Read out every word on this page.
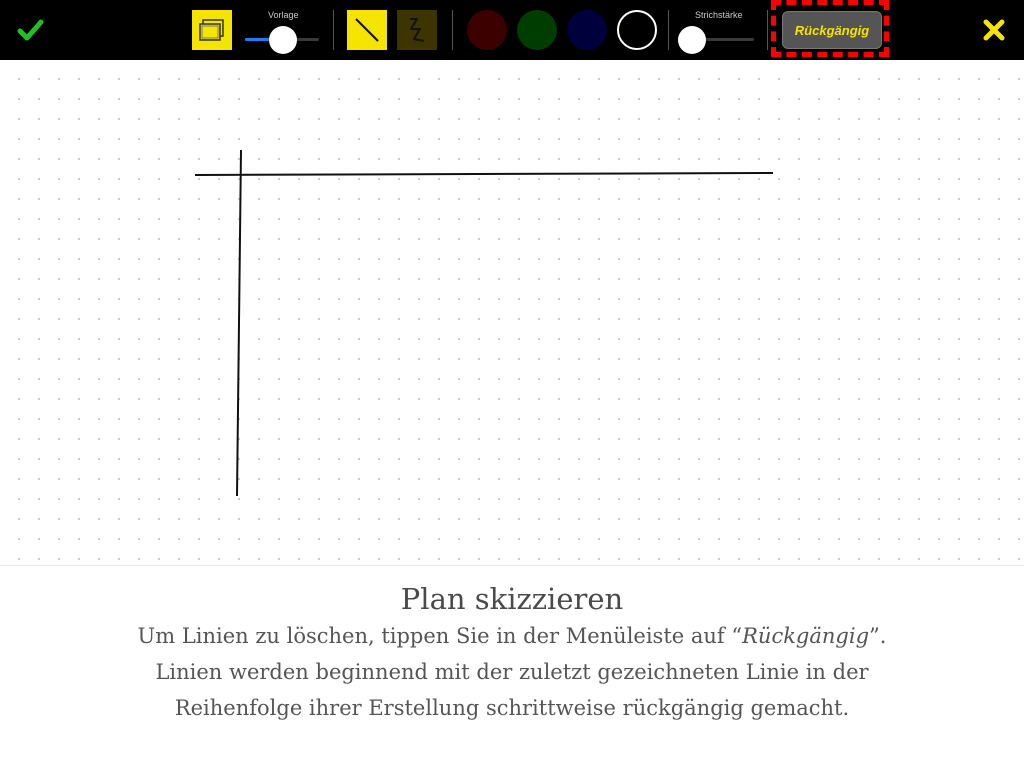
Vorlage	Strichstärke
Rückgängig
Plan skizzieren
Um Linien zu löschen, tippen Sie in der Menüleiste auf “Rückgängig”.
Linien werden beginnend mit der zuletzt gezeichneten Linie in der
Reihenfolge ihrer Erstellung schrittweise rückgängig gemacht.
